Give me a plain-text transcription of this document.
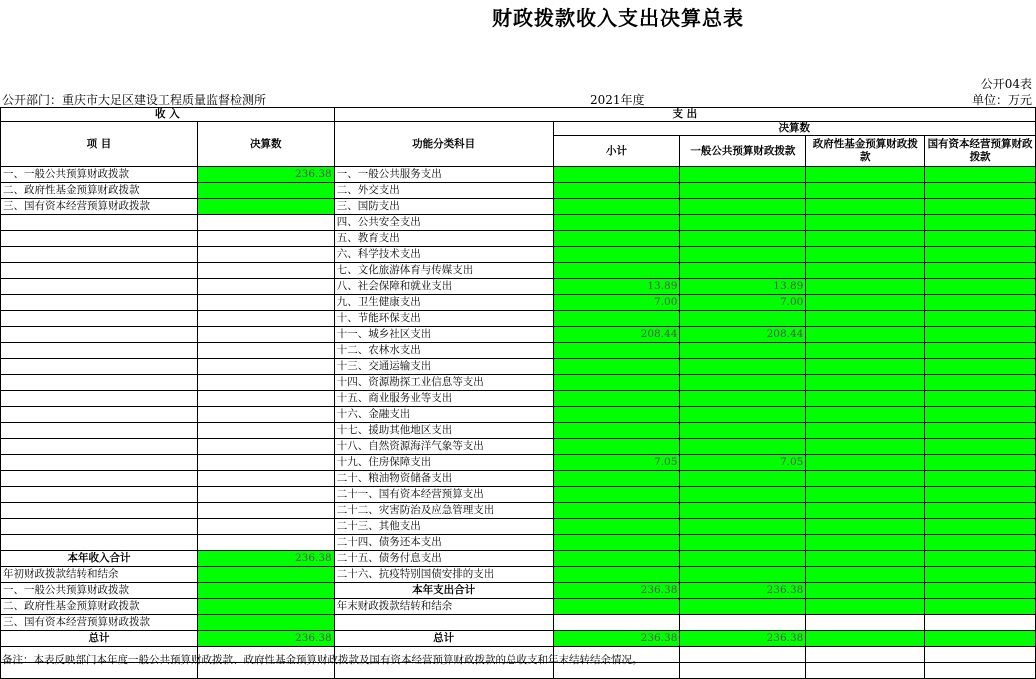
财政拨款收入支出决算总表
公开04表
公开部门：重庆市大足区建设工程质量监督检测所	2021年度	单位：万元
收 入		支 出				
项 目	决算数	功能分类科目	决算数			
			小计	一般公共预算财政拨款	政府性基金预算财政拨款	国有资本经营预算财政拨款
一、一般公共预算财政拨款	236.38	一、一般公共服务支出				
二、政府性基金预算财政拨款		二、外交支出				
三、国有资本经营预算财政拨款		三、国防支出				
		四、公共安全支出				
		五、教育支出				
		六、科学技术支出				
		七、文化旅游体育与传媒支出				
		八、社会保障和就业支出	13.89	13.89		
		九、卫生健康支出	7.00	7.00		
		十、节能环保支出				
		十一、城乡社区支出	208.44	208.44		
		十二、农林水支出				
		十三、交通运输支出				
		十四、资源勘探工业信息等支出				
		十五、商业服务业等支出				
		十六、金融支出				
		十七、援助其他地区支出				
		十八、自然资源海洋气象等支出				
		十九、住房保障支出	7.05	7.05		
		二十、粮油物资储备支出				
		二十一、国有资本经营预算支出				
		二十二、灾害防治及应急管理支出				
		二十三、其他支出				
		二十四、债务还本支出				
本年收入合计	236.38	二十五、债务付息支出				
年初财政拨款结转和结余		二十六、抗疫特别国债安排的支出				
一、一般公共预算财政拨款		本年支出合计	236.38	236.38		
二、政府性基金预算财政拨款		年末财政拨款结转和结余				
三、国有资本经营预算财政拨款						
总计	236.38	总计	236.38	236.38		

备注：本表反映部门本年度一般公共预算财政拨款、政府性基金预算财政拨款及国有资本经营预算财政拨款的总收支和年末结转结余情况。
